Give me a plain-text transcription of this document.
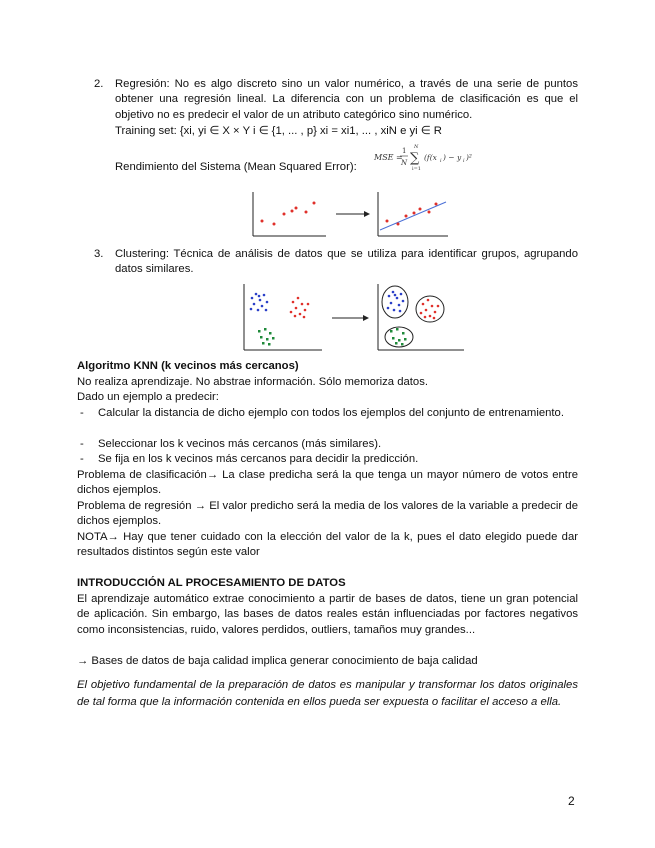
2.	Regresión: No es algo discreto sino un valor numérico, a través de una serie de puntos obtener una regresión lineal. La diferencia con un problema de clasificación es que el objetivo no es predecir el valor de un atributo categórico sino numérico.
Training set: {xi, yi ∈ X × Y i ∈ {1, ... , p} xi = xi1, ... , xiN e yi ∈ R
Rendimiento del Sistema (Mean Squared Error):
MSE =
1
N
N
∑
i=1
(f(x i ) − y i )²
3.	Clustering: Técnica de análisis de datos que se utiliza para identificar grupos, agrupando datos similares.
Algoritmo KNN (k vecinos más cercanos)
No realiza aprendizaje. No abstrae información. Sólo memoriza datos.
Dado un ejemplo a predecir:
-	Calcular la distancia de dicho ejemplo con todos los ejemplos del conjunto de entrenamiento.
-	Seleccionar los k vecinos más cercanos (más similares).
-	Se fija en los k vecinos más cercanos para decidir la predicción.
Problema de clasificación→ La clase predicha será la que tenga un mayor número de votos entre dichos ejemplos.
Problema de regresión → El valor predicho será la media de los valores de la variable a predecir de dichos ejemplos.
NOTA→ Hay que tener cuidado con la elección del valor de la k, pues el dato elegido puede dar resultados distintos según este valor
INTRODUCCIÓN AL PROCESAMIENTO DE DATOS
El aprendizaje automático extrae conocimiento a partir de bases de datos, tiene un gran potencial de aplicación. Sin embargo, las bases de datos reales están influenciadas por factores negativos como inconsistencias, ruido, valores perdidos, outliers, tamaños muy grandes...
→ Bases de datos de baja calidad implica generar conocimiento de baja calidad
El objetivo fundamental de la preparación de datos es manipular y transformar los datos originales de tal forma que la información contenida en ellos pueda ser expuesta o facilitar el acceso a ella.
2
